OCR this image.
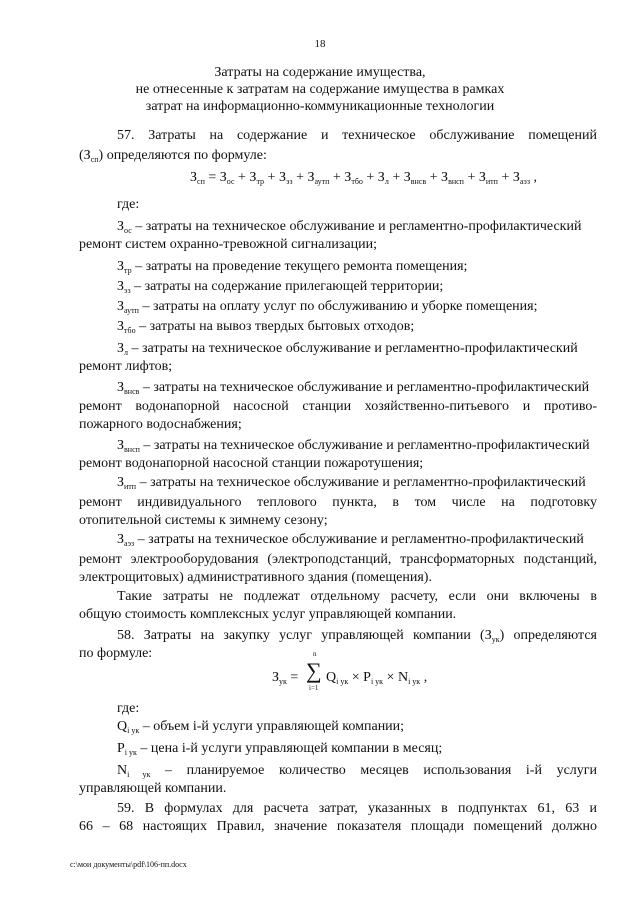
18
Затраты на содержание имущества,
не отнесенные к затратам на содержание имущества в рамках
затрат на информационно-коммуникационные технологии
57. Затраты на содержание и техническое обслуживание помещений
$(З_{сп})$ определяются по формуле:
$З_{сп} = З_{ос} + З_{тр} + З_{эз} + З_{аутп} + З_{тбо} + З_л + З_{внсв} + З_{внсп} + З_{итп} + З_{аэз}$ ,
где:
$З_{ос}$ – затраты на техническое обслуживание и регламентно-профилактический
ремонт систем охранно-тревожной сигнализации;
$З_{тр}$ – затраты на проведение текущего ремонта помещения;
$З_{эз}$ – затраты на содержание прилегающей территории;
$З_{аутп}$ – затраты на оплату услуг по обслуживанию и уборке помещения;
$З_{тбо}$ – затраты на вывоз твердых бытовых отходов;
$З_л$ – затраты на техническое обслуживание и регламентно-профилактический
ремонт лифтов;
$З_{внсв}$ – затраты на техническое обслуживание и регламентно-профилактический
ремонт водонапорной насосной станции хозяйственно-питьевого и противо-
пожарного водоснабжения;
$З_{внсп}$ – затраты на техническое обслуживание и регламентно-профилактический
ремонт водонапорной насосной станции пожаротушения;
$З_{итп}$ – затраты на техническое обслуживание и регламентно-профилактический
ремонт индивидуального теплового пункта, в том числе на подготовку
отопительной системы к зимнему сезону;
$З_{аэз}$ – затраты на техническое обслуживание и регламентно-профилактический
ремонт электрооборудования (электроподстанций, трансформаторных подстанций,
электрощитовых) административного здания (помещения).
Такие затраты не подлежат отдельному расчету, если они включены в
общую стоимость комплексных услуг управляющей компании.
58. Затраты на закупку услуг управляющей компании $(З_{ук})$ определяются
по формуле:
$З_{ук}$ =
n
∑
i=1
$Q_{i ук} \times P_{i ук} \times N_{i ук}$ ,
где:
$Q_{i ук}$ – объем i-й услуги управляющей компании;
$P_{i ук}$ – цена i-й услуги управляющей компании в месяц;
$N_{i ук}$ – планируемое количество месяцев использования i-й услуги
управляющей компании.
59. В формулах для расчета затрат, указанных в подпунктах 61, 63 и
66 – 68 настоящих Правил, значение показателя площади помещений должно
c:\мои документы\pdf\106-пп.docx
